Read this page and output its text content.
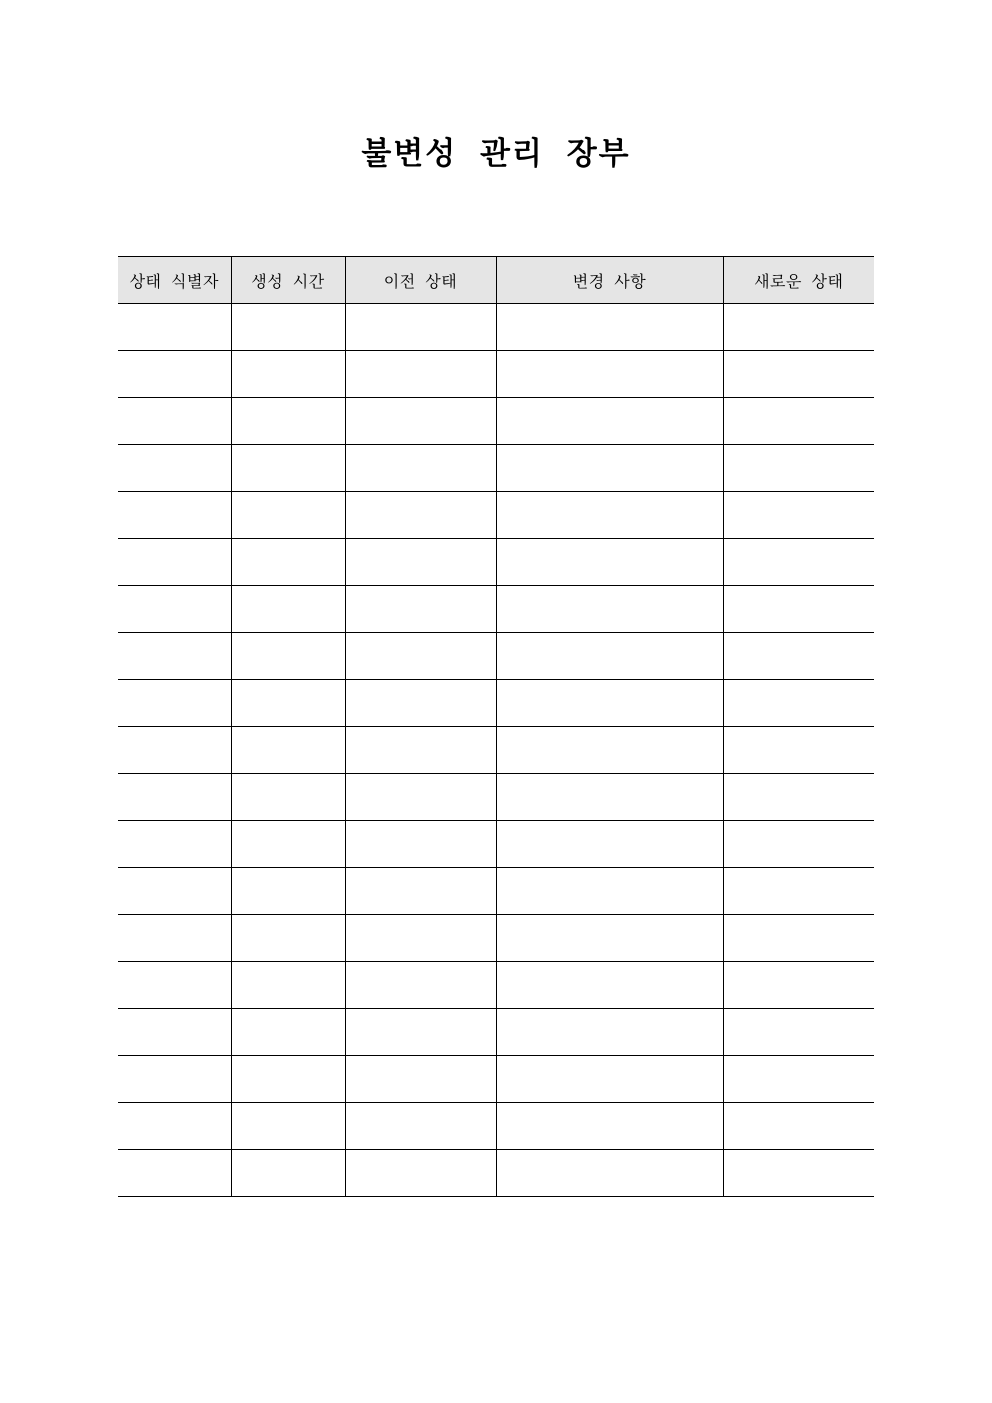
불변성 관리 장부
상태 식별자	생성 시간	이전 상태	변경 사항	새로운 상태
